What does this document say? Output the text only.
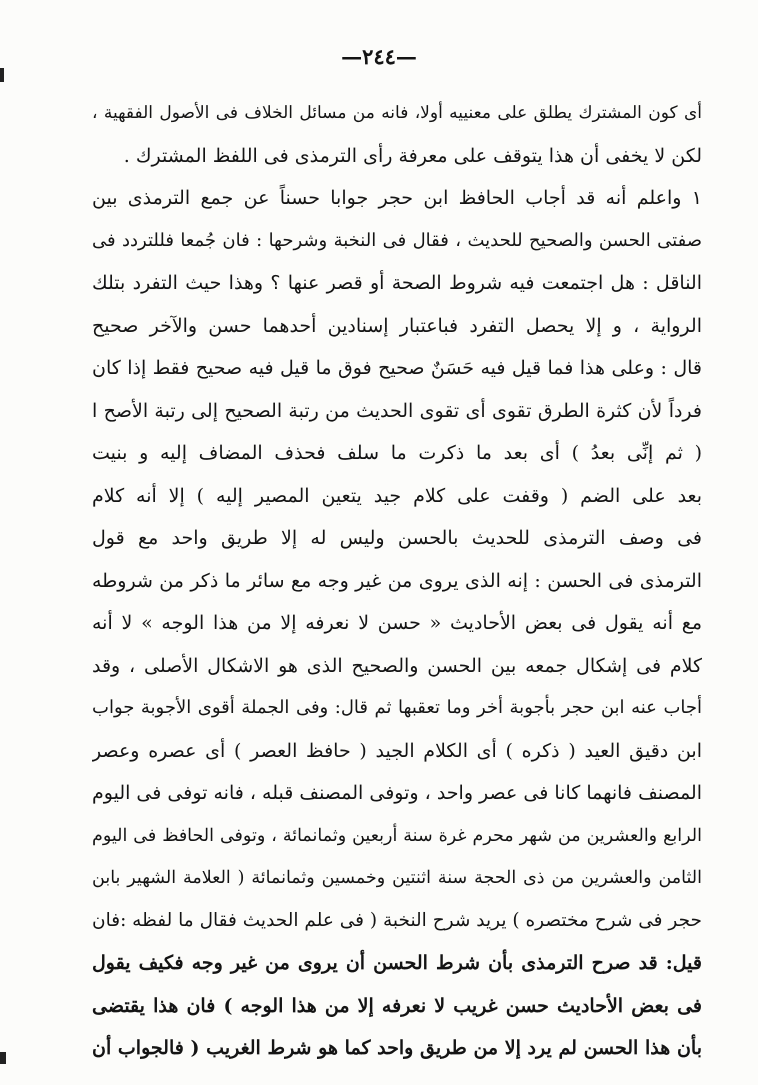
—٢٤٤—
أى كون المشترك يطلق على معنييه أولا، فانه من مسائل الخلاف فى الأصول الفقهية ،
لكن لا يخفى أن هذا يتوقف على معرفة رأى الترمذى فى اللفظ المشترك .
١ واعلم أنه قد أجاب الحافظ ابن حجر جوابا حسناً عن جمع الترمذى بين
صفتى الحسن والصحيح للحديث ، فقال فى النخبة وشرحها : فان جُمعا فللتردد فى
الناقل : هل اجتمعت فيه شروط الصحة أو قصر عنها ؟ وهذا حيث التفرد بتلك
الرواية ، و إلا يحصل التفرد فباعتبار إسنادين أحدهما حسن والآخر صحيح
قال : وعلى هذا فما قيل فيه حَسَنٌ صحيح فوق ما قيل فيه صحيح فقط إذا كان
فرداً لأن كثرة الطرق تقوى أى تقوى الحديث من رتبة الصحيح إلى رتبة الأصح ا
( ثم إنِّى بعدُ ) أى بعد ما ذكرت ما سلف فحذف المضاف إليه و بنيت
بعد على الضم ( وقفت على كلام جيد يتعين المصير إليه ) إلا أنه كلام
فى وصف الترمذى للحديث بالحسن وليس له إلا طريق واحد مع قول
الترمذى فى الحسن : إنه الذى يروى من غير وجه مع سائر ما ذكر من شروطه
مع أنه يقول فى بعض الأحاديث « حسن لا نعرفه إلا من هذا الوجه » لا أنه
كلام فى إشكال جمعه بين الحسن والصحيح الذى هو الاشكال الأصلى ، وقد
أجاب عنه ابن حجر بأجوبة أخر وما تعقبها ثم قال: وفى الجملة أقوى الأجوبة جواب
ابن دقيق العيد ( ذكره ) أى الكلام الجيد ( حافظ العصر ) أى عصره وعصر
المصنف فانهما كانا فى عصر واحد ، وتوفى المصنف قبله ، فانه توفى فى اليوم
الرابع والعشرين من شهر محرم غرة سنة أربعين وثمانمائة ، وتوفى الحافظ فى اليوم
الثامن والعشرين من ذى الحجة سنة اثنتين وخمسين وثمانمائة ( العلامة الشهير بابن
حجر فى شرح مختصره ) يريد شرح النخبة ( فى علم الحديث فقال ما لفظه :فان
قيل: قد صرح الترمذى بأن شرط الحسن أن يروى من غير وجه فكيف يقول
فى بعض الأحاديث حسن غريب لا نعرفه إلا من هذا الوجه ) فان هذا يقتضى
بأن هذا الحسن لم يرد إلا من طريق واحد كما هو شرط الغريب ( فالجواب أن
